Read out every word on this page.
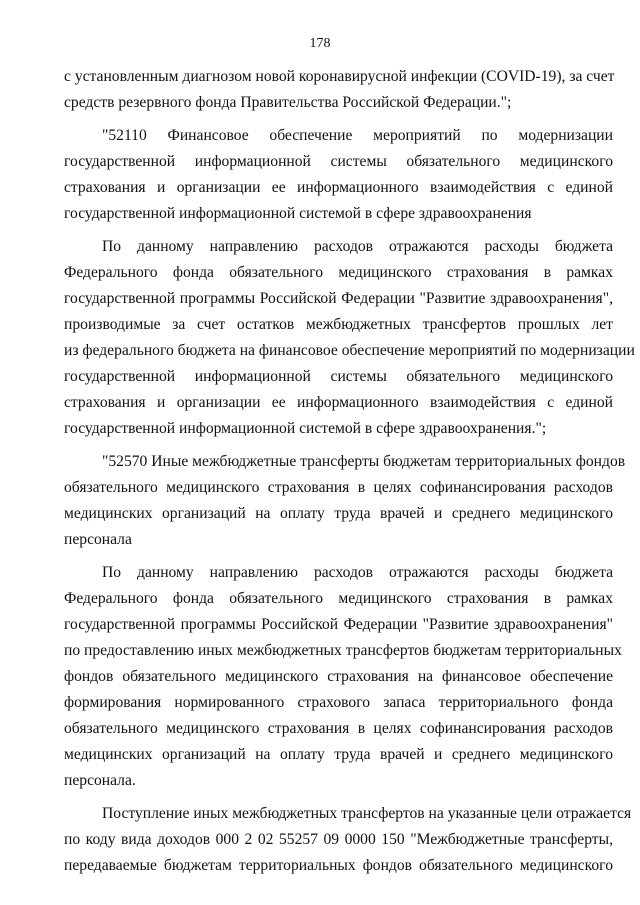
178
с установленным диагнозом новой коронавирусной инфекции (COVID-19), за счет
средств резервного фонда Правительства Российской Федерации.";
"52110 Финансовое обеспечение мероприятий по модернизации
государственной информационной системы обязательного медицинского
страхования и организации ее информационного взаимодействия с единой
государственной информационной системой в сфере здравоохранения
По данному направлению расходов отражаются расходы бюджета
Федерального фонда обязательного медицинского страхования в рамках
государственной программы Российской Федерации "Развитие здравоохранения",
производимые за счет остатков межбюджетных трансфертов прошлых лет
из федерального бюджета на финансовое обеспечение мероприятий по модернизации
государственной информационной системы обязательного медицинского
страхования и организации ее информационного взаимодействия с единой
государственной информационной системой в сфере здравоохранения.";
"52570 Иные межбюджетные трансферты бюджетам территориальных фондов
обязательного медицинского страхования в целях софинансирования расходов
медицинских организаций на оплату труда врачей и среднего медицинского
персонала
По данному направлению расходов отражаются расходы бюджета
Федерального фонда обязательного медицинского страхования в рамках
государственной программы Российской Федерации "Развитие здравоохранения"
по предоставлению иных межбюджетных трансфертов бюджетам территориальных
фондов обязательного медицинского страхования на финансовое обеспечение
формирования нормированного страхового запаса территориального фонда
обязательного медицинского страхования в целях софинансирования расходов
медицинских организаций на оплату труда врачей и среднего медицинского
персонала.
Поступление иных межбюджетных трансфертов на указанные цели отражается
по коду вида доходов 000 2 02 55257 09 0000 150 "Межбюджетные трансферты,
передаваемые бюджетам территориальных фондов обязательного медицинского
